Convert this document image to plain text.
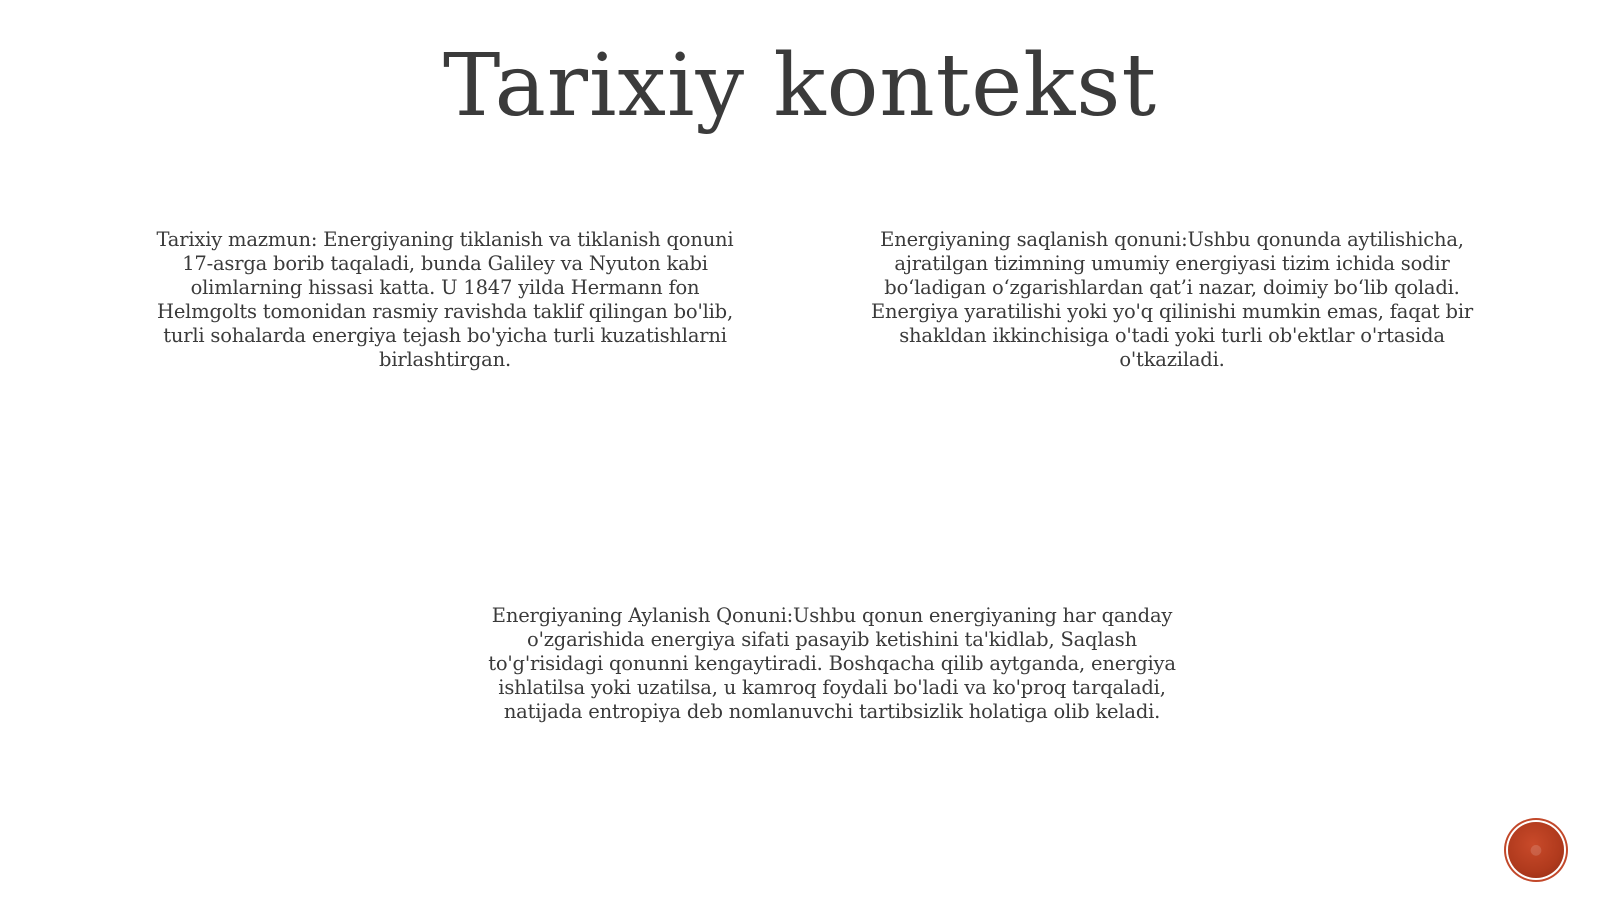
Tarixiy kontekst
Tarixiy mazmun: Energiyaning tiklanish va tiklanish qonuni 17-asrga borib taqaladi, bunda Galiley va Nyuton kabi olimlarning hissasi katta. U 1847 yilda Hermann fon Helmgolts tomonidan rasmiy ravishda taklif qilingan bo'lib, turli sohalarda energiya tejash bo'yicha turli kuzatishlarni birlashtirgan.
Energiyaning saqlanish qonuni:Ushbu qonunda aytilishicha, ajratilgan tizimning umumiy energiyasi tizim ichida sodir bo‘ladigan o‘zgarishlardan qat’i nazar, doimiy bo‘lib qoladi. Energiya yaratilishi yoki yo'q qilinishi mumkin emas, faqat bir shakldan ikkinchisiga o'tadi yoki turli ob'ektlar o'rtasida o'tkaziladi.
Energiyaning Aylanish Qonuni:Ushbu qonun energiyaning har qanday o'zgarishida energiya sifati pasayib ketishini ta'kidlab, Saqlash to'g'risidagi qonunni kengaytiradi. Boshqacha qilib aytganda, energiya ishlatilsa yoki uzatilsa, u kamroq foydali bo'ladi va ko'proq tarqaladi, natijada entropiya deb nomlanuvchi tartibsizlik holatiga olib keladi.
●
